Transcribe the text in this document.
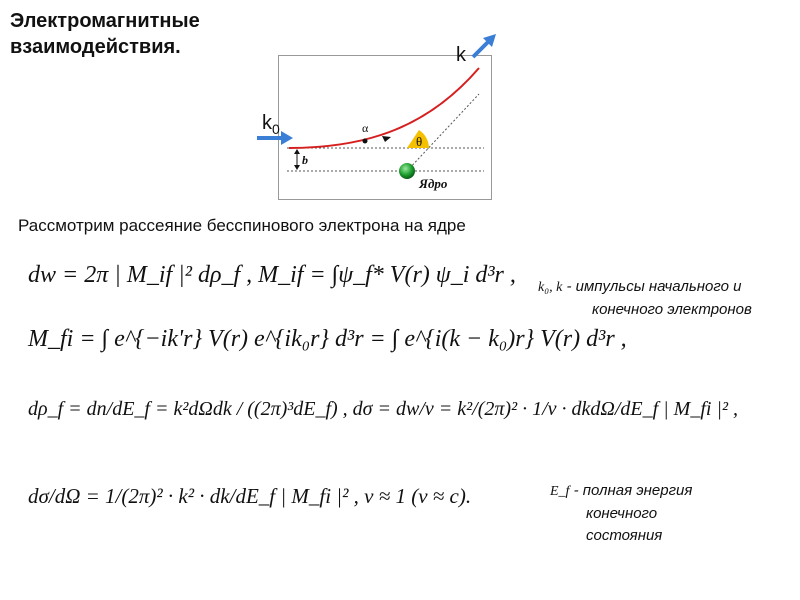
Электромагнитные
взаимодействия.
θ
α
b
Ядро
$k_0$
k
Рассмотрим рассеяние бесспинового электрона на ядре
dw = 2π | M_if |² dρ_f , M_if = ∫ψ_f* V(r) ψ_i d³r ,
M_fi = ∫ e^{−ik'r} V(r) e^{ik₀r} d³r = ∫ e^{i(k − k₀)r} V(r) d³r ,
dρ_f = dn/dE_f = k²dΩdk / ((2π)³dE_f) , dσ = dw/v = k²/(2π)² · 1/v · dkdΩ/dE_f | M_fi |² ,
dσ/dΩ = 1/(2π)² · k² · dk/dE_f | M_fi |² , v ≈ 1 (v ≈ c).
k₀, k - импульсы начального и
конечного электронов
E_f - полная энергия
конечного
состояния
